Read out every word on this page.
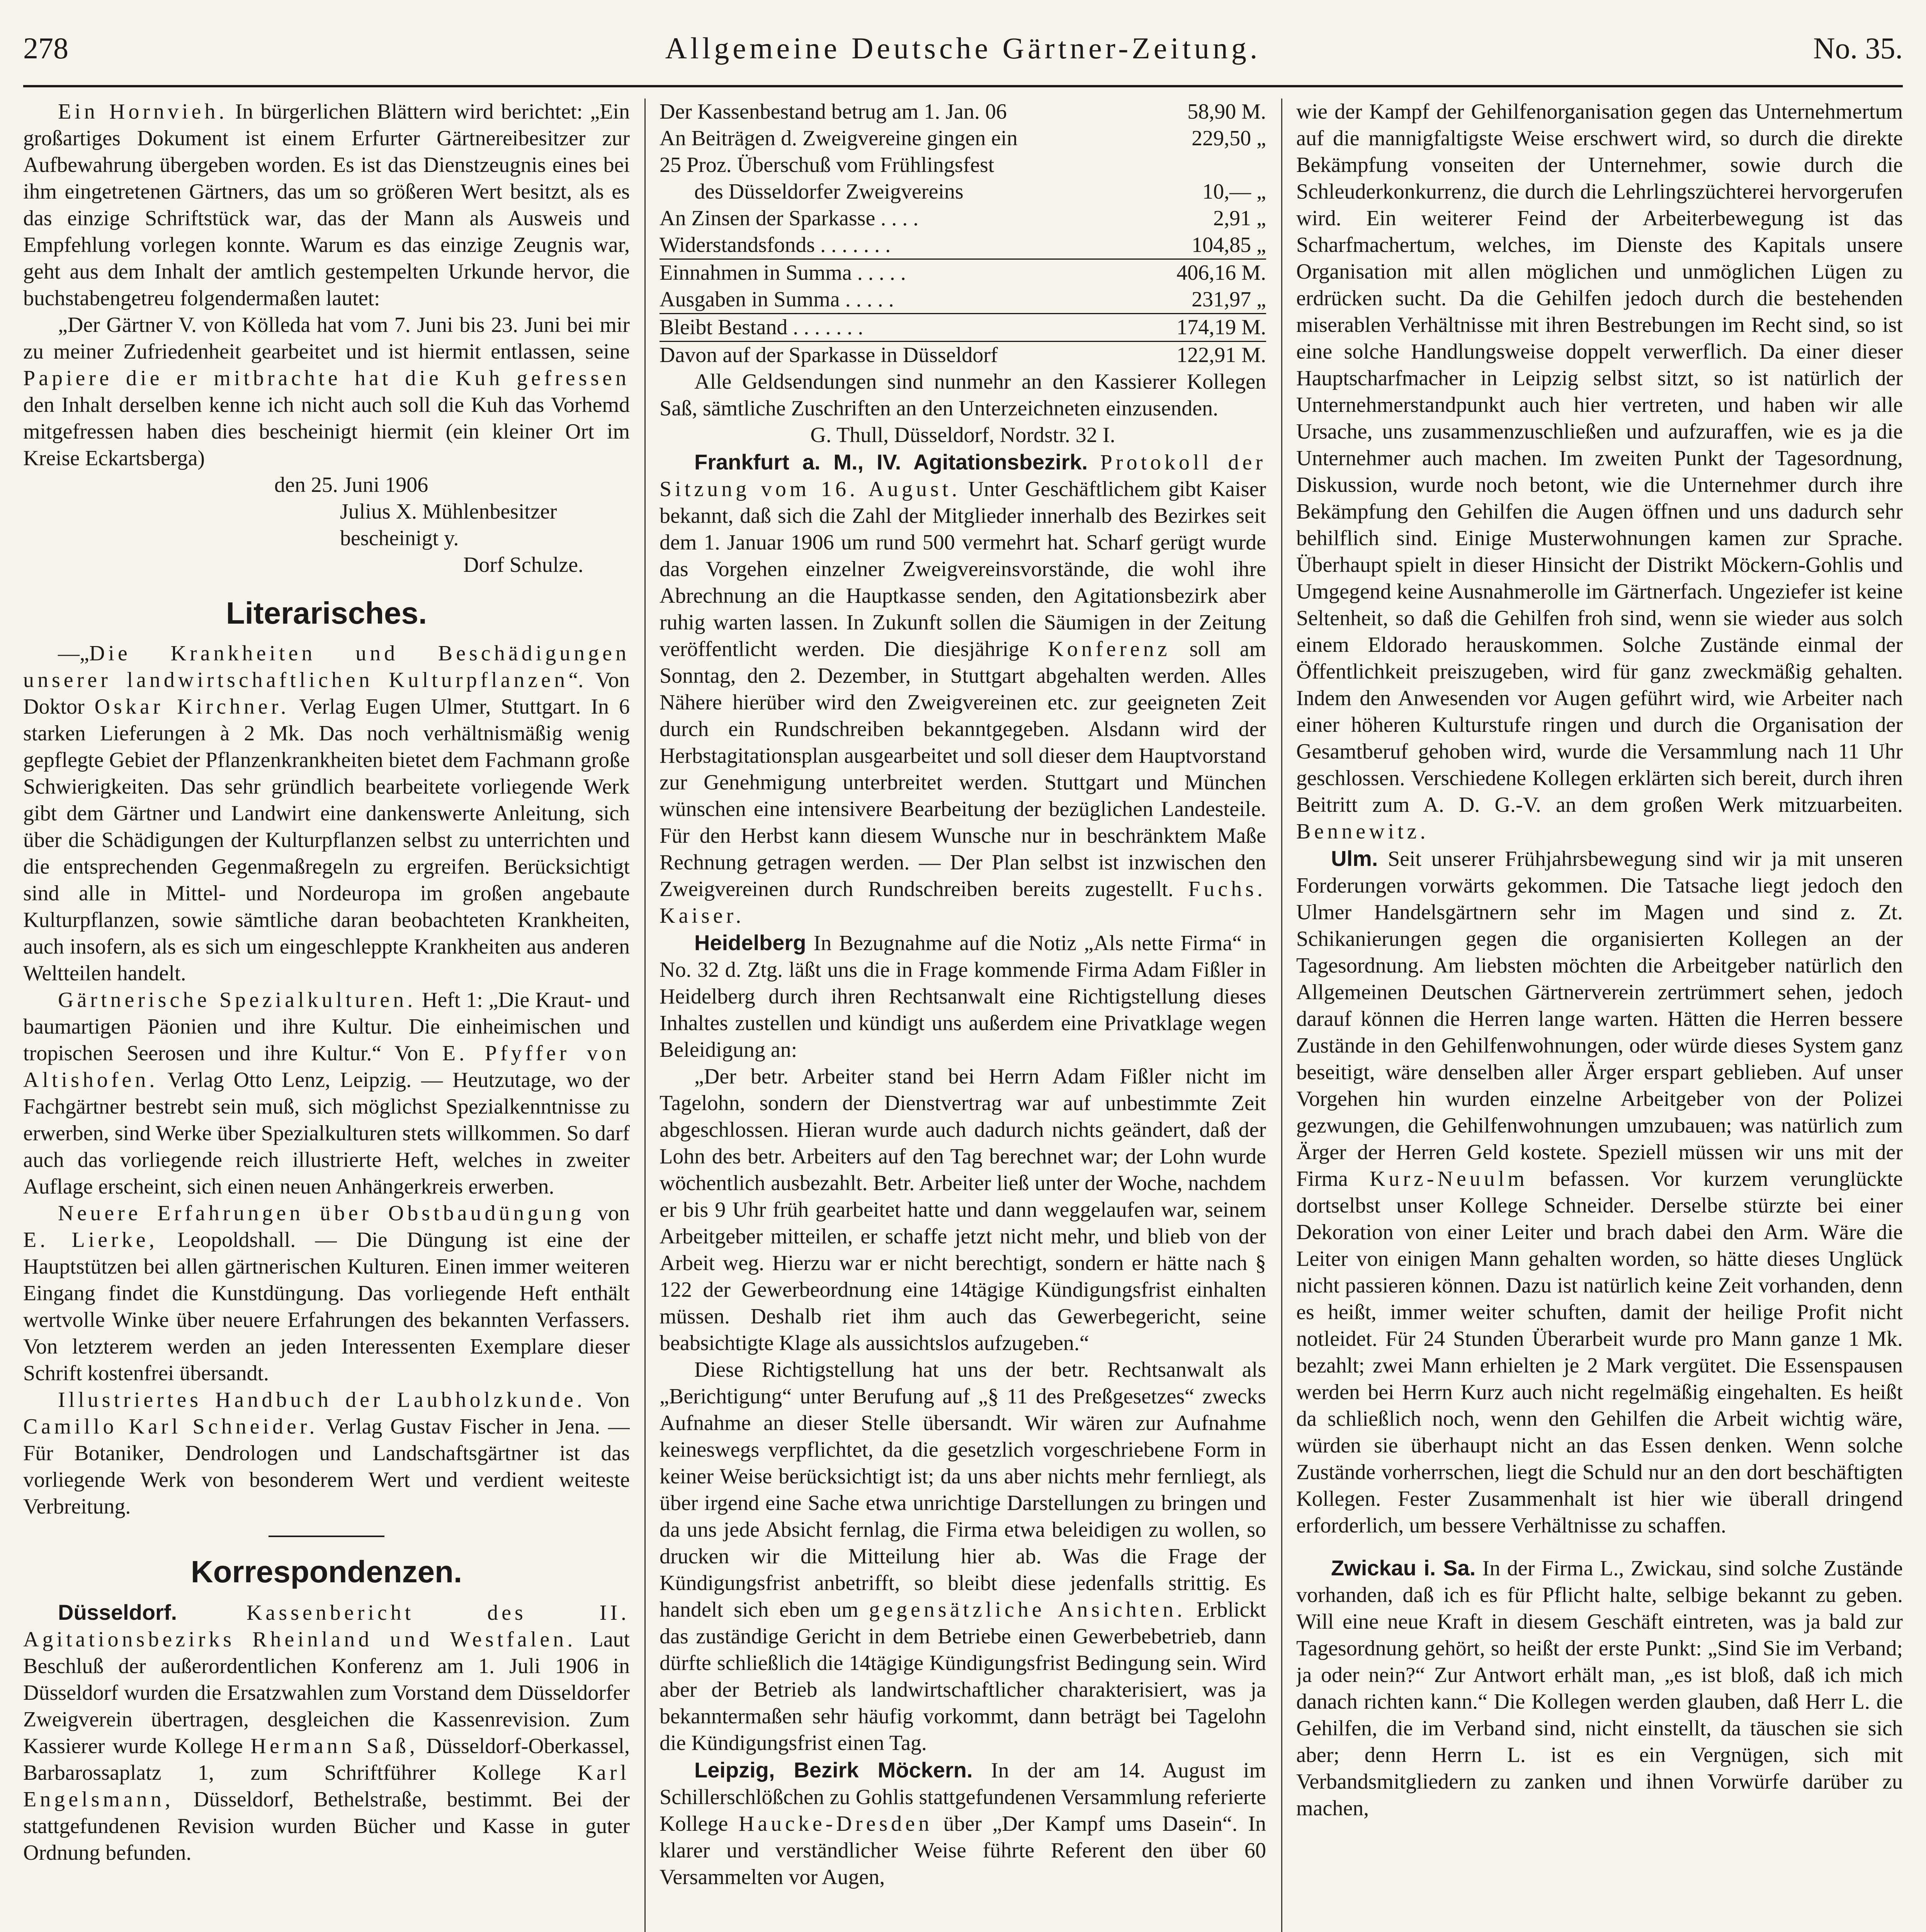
Allgemeine Deutsche Gärtner-Zeitung.
278	No. 35.

Ein Hornvieh. In bürgerlichen Blättern wird berichtet: „Ein großartiges Dokument ist einem Erfurter Gärtnereibesitzer zur Aufbewahrung übergeben worden. Es ist das Dienstzeugnis eines bei ihm eingetretenen Gärtners, das um so größeren Wert besitzt, als es das einzige Schriftstück war, das der Mann als Ausweis und Empfehlung vorlegen konnte. Warum es das einzige Zeugnis war, geht aus dem Inhalt der amtlich gestempelten Urkunde hervor, die buchstabengetreu folgendermaßen lautet:

„Der Gärtner V. von Kölleda hat vom 7. Juni bis 23. Juni bei mir zu meiner Zufriedenheit gearbeitet und ist hiermit entlassen, seine Papiere die er mitbrachte hat die Kuh gefressen den Inhalt derselben kenne ich nicht auch soll die Kuh das Vorhemd mitgefressen haben dies bescheinigt hiermit (ein kleiner Ort im Kreise Eckartsberga)

den 25. Juni 1906

Julius X. Mühlenbesitzer

bescheinigt y.

Dorf Schulze.

Literarisches.

—„Die Krankheiten und Beschädigungen unserer landwirtschaftlichen Kulturpflanzen“. Von Doktor Oskar Kirchner. Verlag Eugen Ulmer, Stuttgart. In 6 starken Lieferungen à 2 Mk. Das noch verhältnismäßig wenig gepflegte Gebiet der Pflanzenkrankheiten bietet dem Fachmann große Schwierigkeiten. Das sehr gründlich bearbeitete vorliegende Werk gibt dem Gärtner und Landwirt eine dankenswerte Anleitung, sich über die Schädigungen der Kulturpflanzen selbst zu unterrichten und die entsprechenden Gegenmaßregeln zu ergreifen. Berücksichtigt sind alle in Mittel- und Nordeuropa im großen angebaute Kulturpflanzen, sowie sämtliche daran beobachteten Krankheiten, auch insofern, als es sich um eingeschleppte Krankheiten aus anderen Weltteilen handelt.

Gärtnerische Spezialkulturen. Heft 1: „Die Kraut- und baumartigen Päonien und ihre Kultur. Die einheimischen und tropischen Seerosen und ihre Kultur.“ Von E. Pfyffer von Altishofen. Verlag Otto Lenz, Leipzig. — Heutzutage, wo der Fachgärtner bestrebt sein muß, sich möglichst Spezialkenntnisse zu erwerben, sind Werke über Spezialkulturen stets willkommen. So darf auch das vorliegende reich illustrierte Heft, welches in zweiter Auflage erscheint, sich einen neuen Anhängerkreis erwerben.

Neuere Erfahrungen über Obstbaudüngung von E. Lierke, Leopoldshall. — Die Düngung ist eine der Hauptstützen bei allen gärtnerischen Kulturen. Einen immer weiteren Eingang findet die Kunstdüngung. Das vorliegende Heft enthält wertvolle Winke über neuere Erfahrungen des bekannten Verfassers. Von letzterem werden an jeden Interessenten Exemplare dieser Schrift kostenfrei übersandt.

Illustriertes Handbuch der Laubholzkunde. Von Camillo Karl Schneider. Verlag Gustav Fischer in Jena. — Für Botaniker, Dendrologen und Landschaftsgärtner ist das vorliegende Werk von besonderem Wert und verdient weiteste Verbreitung.

Korrespondenzen.

Düsseldorf.	Kassenbericht des II. Agitationsbezirks Rheinland und Westfalen. Laut Beschluß der außerordentlichen Konferenz am 1. Juli 1906 in Düsseldorf wurden die Ersatzwahlen zum Vorstand dem Düsseldorfer Zweigverein übertragen, desgleichen die Kassenrevision. Zum Kassierer wurde Kollege Hermann Saß, Düsseldorf-Oberkassel, Barbarossaplatz 1, zum Schriftführer Kollege Karl Engelsmann, Düsseldorf, Bethelstraße, bestimmt. Bei der stattgefundenen Revision wurden Bücher und Kasse in guter Ordnung befunden.

Der Kassenbestand betrug am 1. Jan. 06	58,90 M.
An Beiträgen d. Zweigvereine gingen ein	229,50 „
25 Proz. Überschuß vom Frühlingsfest	
des Düsseldorfer Zweigvereins	10,— „
An Zinsen der Sparkasse . . . .	2,91 „
Widerstandsfonds . . . . . . .	104,85 „
Einnahmen in Summa . . . . .	406,16 M.
Ausgaben in Summa . . . . .	231,97 „
Bleibt Bestand . . . . . . .	174,19 M.
Davon auf der Sparkasse in Düsseldorf	122,91 M.

Alle Geldsendungen sind nunmehr an den Kassierer Kollegen Saß, sämtliche Zuschriften an den Unterzeichneten einzusenden.

G. Thull, Düsseldorf, Nordstr. 32 I.

Frankfurt a. M., IV. Agitationsbezirk. Protokoll der Sitzung vom 16. August. Unter Geschäftlichem gibt Kaiser bekannt, daß sich die Zahl der Mitglieder innerhalb des Bezirkes seit dem 1. Januar 1906 um rund 500 vermehrt hat. Scharf gerügt wurde das Vorgehen einzelner Zweigvereinsvorstände, die wohl ihre Abrechnung an die Hauptkasse senden, den Agitationsbezirk aber ruhig warten lassen. In Zukunft sollen die Säumigen in der Zeitung veröffentlicht werden. Die diesjährige Konferenz soll am Sonntag, den 2. Dezember, in Stuttgart abgehalten werden. Alles Nähere hierüber wird den Zweigvereinen etc. zur geeigneten Zeit durch ein Rundschreiben bekanntgegeben. Alsdann wird der Herbstagitationsplan ausgearbeitet und soll dieser dem Hauptvorstand zur Genehmigung unterbreitet werden. Stuttgart und München wünschen eine intensivere Bearbeitung der bezüglichen Landesteile. Für den Herbst kann diesem Wunsche nur in beschränktem Maße Rechnung getragen werden. — Der Plan selbst ist inzwischen den Zweigvereinen durch Rundschreiben bereits zugestellt. Fuchs. Kaiser.

Heidelberg In Bezugnahme auf die Notiz „Als nette Firma“ in No. 32 d. Ztg. läßt uns die in Frage kommende Firma Adam Fißler in Heidelberg durch ihren Rechtsanwalt eine Richtigstellung dieses Inhaltes zustellen und kündigt uns außerdem eine Privatklage wegen Beleidigung an:

„Der betr. Arbeiter stand bei Herrn Adam Fißler nicht im Tagelohn, sondern der Dienstvertrag war auf unbestimmte Zeit abgeschlossen. Hieran wurde auch dadurch nichts geändert, daß der Lohn des betr. Arbeiters auf den Tag berechnet war; der Lohn wurde wöchentlich ausbezahlt. Betr. Arbeiter ließ unter der Woche, nachdem er bis 9 Uhr früh gearbeitet hatte und dann weggelaufen war, seinem Arbeitgeber mitteilen, er schaffe jetzt nicht mehr, und blieb von der Arbeit weg. Hierzu war er nicht berechtigt, sondern er hätte nach § 122 der Gewerbeordnung eine 14tägige Kündigungsfrist einhalten müssen. Deshalb riet ihm auch das Gewerbegericht, seine beabsichtigte Klage als aussichtslos aufzugeben.“

Diese Richtigstellung hat uns der betr. Rechtsanwalt als „Berichtigung“ unter Berufung auf „§ 11 des Preßgesetzes“ zwecks Aufnahme an dieser Stelle übersandt. Wir wären zur Aufnahme keineswegs verpflichtet, da die gesetzlich vorgeschriebene Form in keiner Weise berücksichtigt ist; da uns aber nichts mehr fernliegt, als über irgend eine Sache etwa unrichtige Darstellungen zu bringen und da uns jede Absicht fernlag, die Firma etwa beleidigen zu wollen, so drucken wir die Mitteilung hier ab. Was die Frage der Kündigungsfrist anbetrifft, so bleibt diese jedenfalls strittig. Es handelt sich eben um gegensätzliche Ansichten. Erblickt das zuständige Gericht in dem Betriebe einen Gewerbebetrieb, dann dürfte schließlich die 14tägige Kündigungsfrist Bedingung sein. Wird aber der Betrieb als landwirtschaftlicher charakterisiert, was ja bekanntermaßen sehr häufig vorkommt, dann beträgt bei Tagelohn die Kündigungsfrist einen Tag.

Leipzig, Bezirk Möckern. In der am 14. August im Schillerschlößchen zu Gohlis stattgefundenen Versammlung referierte Kollege Haucke-Dresden über „Der Kampf ums Dasein“. In klarer und verständlicher Weise führte Referent den über 60 Versammelten vor Augen,

wie der Kampf der Gehilfenorganisation gegen das Unternehmertum auf die mannigfaltigste Weise erschwert wird, so durch die direkte Bekämpfung vonseiten der Unternehmer, sowie durch die Schleuderkonkurrenz, die durch die Lehrlingszüchterei hervorgerufen wird. Ein weiterer Feind der Arbeiterbewegung ist das Scharfmachertum, welches, im Dienste des Kapitals unsere Organisation mit allen möglichen und unmöglichen Lügen zu erdrücken sucht. Da die Gehilfen jedoch durch die bestehenden miserablen Verhältnisse mit ihren Bestrebungen im Recht sind, so ist eine solche Handlungsweise doppelt verwerflich. Da einer dieser Hauptscharfmacher in Leipzig selbst sitzt, so ist natürlich der Unternehmerstandpunkt auch hier vertreten, und haben wir alle Ursache, uns zusammenzuschließen und aufzuraffen, wie es ja die Unternehmer auch machen. Im zweiten Punkt der Tagesordnung, Diskussion, wurde noch betont, wie die Unternehmer durch ihre Bekämpfung den Gehilfen die Augen öffnen und uns dadurch sehr behilflich sind. Einige Musterwohnungen kamen zur Sprache. Überhaupt spielt in dieser Hinsicht der Distrikt Möckern-Gohlis und Umgegend keine Ausnahmerolle im Gärtnerfach. Ungeziefer ist keine Seltenheit, so daß die Gehilfen froh sind, wenn sie wieder aus solch einem Eldorado herauskommen. Solche Zustände einmal der Öffentlichkeit preiszugeben, wird für ganz zweckmäßig gehalten. Indem den Anwesenden vor Augen geführt wird, wie Arbeiter nach einer höheren Kulturstufe ringen und durch die Organisation der Gesamtberuf gehoben wird, wurde die Versammlung nach 11 Uhr geschlossen. Verschiedene Kollegen erklärten sich bereit, durch ihren Beitritt zum A. D. G.-V. an dem großen Werk mitzuarbeiten. Bennewitz.

Ulm. Seit unserer Frühjahrsbewegung sind wir ja mit unseren Forderungen vorwärts gekommen. Die Tatsache liegt jedoch den Ulmer Handelsgärtnern sehr im Magen und sind z. Zt. Schikanierungen gegen die organisierten Kollegen an der Tagesordnung. Am liebsten möchten die Arbeitgeber natürlich den Allgemeinen Deutschen Gärtnerverein zertrümmert sehen, jedoch darauf können die Herren lange warten. Hätten die Herren bessere Zustände in den Gehilfenwohnungen, oder würde dieses System ganz beseitigt, wäre denselben aller Ärger erspart geblieben. Auf unser Vorgehen hin wurden einzelne Arbeitgeber von der Polizei gezwungen, die Gehilfenwohnungen umzubauen; was natürlich zum Ärger der Herren Geld kostete. Speziell müssen wir uns mit der Firma Kurz-Neuulm befassen. Vor kurzem verunglückte dortselbst unser Kollege Schneider. Derselbe stürzte bei einer Dekoration von einer Leiter und brach dabei den Arm. Wäre die Leiter von einigen Mann gehalten worden, so hätte dieses Unglück nicht passieren können. Dazu ist natürlich keine Zeit vorhanden, denn es heißt, immer weiter schuften, damit der heilige Profit nicht notleidet. Für 24 Stunden Überarbeit wurde pro Mann ganze 1 Mk. bezahlt; zwei Mann erhielten je 2 Mark vergütet. Die Essenspausen werden bei Herrn Kurz auch nicht regelmäßig eingehalten. Es heißt da schließlich noch, wenn den Gehilfen die Arbeit wichtig wäre, würden sie überhaupt nicht an das Essen denken. Wenn solche Zustände vorherrschen, liegt die Schuld nur an den dort beschäftigten Kollegen. Fester Zusammenhalt ist hier wie überall dringend erforderlich, um bessere Verhältnisse zu schaffen.

Zwickau i. Sa. In der Firma L., Zwickau, sind solche Zustände vorhanden, daß ich es für Pflicht halte, selbige bekannt zu geben. Will eine neue Kraft in diesem Geschäft eintreten, was ja bald zur Tagesordnung gehört, so heißt der erste Punkt: „Sind Sie im Verband; ja oder nein?“ Zur Antwort erhält man, „es ist bloß, daß ich mich danach richten kann.“ Die Kollegen werden glauben, daß Herr L. die Gehilfen, die im Verband sind, nicht einstellt, da täuschen sie sich aber; denn Herrn L. ist es ein Vergnügen, sich mit Verbandsmitgliedern zu zanken und ihnen Vorwürfe darüber zu machen,
